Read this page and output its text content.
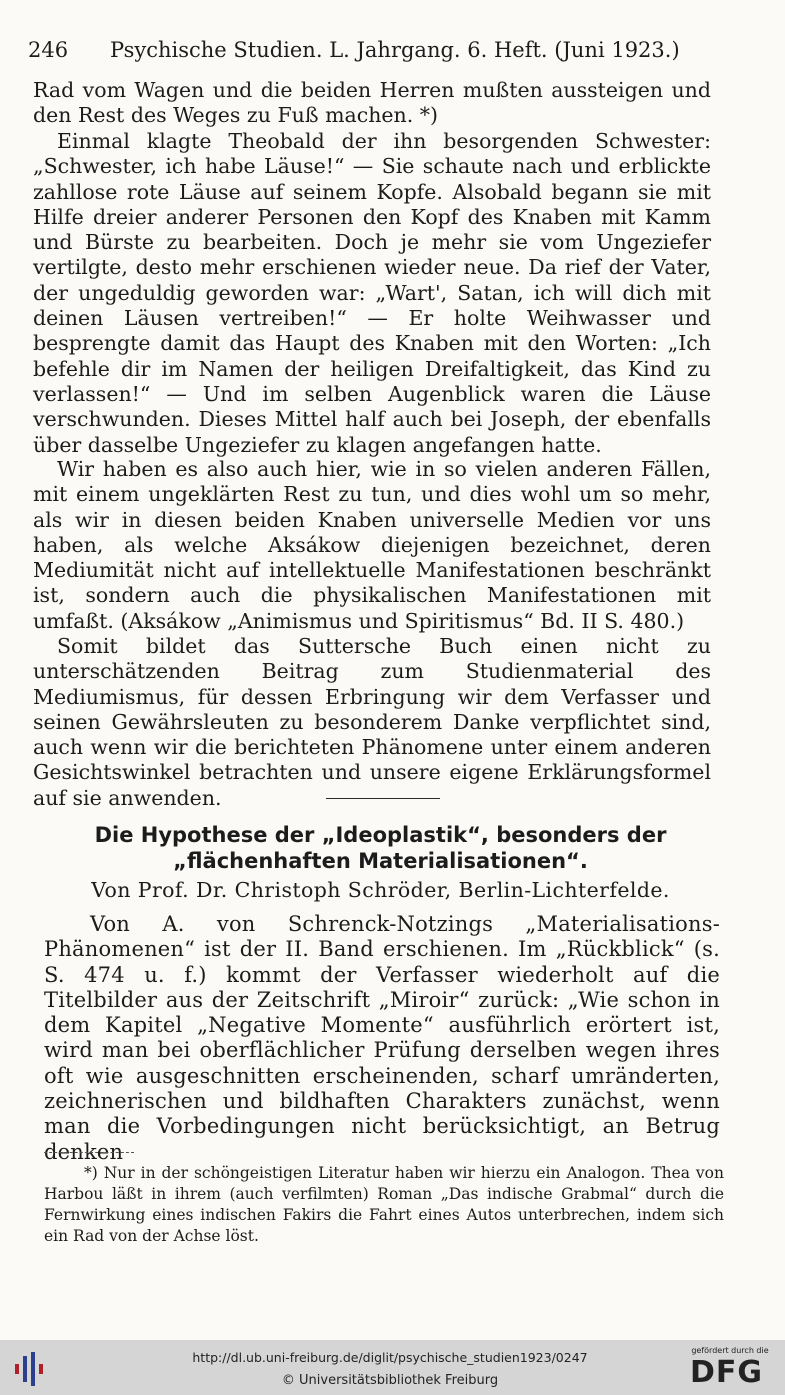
246 Psychische Studien. L. Jahrgang. 6. Heft. (Juni 1923.)
Rad vom Wagen und die beiden Herren mußten aussteigen und den Rest des Weges zu Fuß machen. *)
Einmal klagte Theobald der ihn besorgenden Schwester: „Schwester, ich habe Läuse!“ — Sie schaute nach und erblickte zahllose rote Läuse auf seinem Kopfe. Alsobald begann sie mit Hilfe dreier anderer Personen den Kopf des Knaben mit Kamm und Bürste zu bearbeiten. Doch je mehr sie vom Ungeziefer vertilgte, desto mehr erschienen wieder neue. Da rief der Vater, der ungeduldig geworden war: „Wart', Satan, ich will dich mit deinen Läusen vertreiben!“ — Er holte Weihwasser und besprengte damit das Haupt des Knaben mit den Worten: „Ich befehle dir im Namen der heiligen Dreifaltigkeit, das Kind zu verlassen!“ — Und im selben Augenblick waren die Läuse verschwunden. Dieses Mittel half auch bei Joseph, der ebenfalls über dasselbe Ungeziefer zu klagen angefangen hatte.
Wir haben es also auch hier, wie in so vielen anderen Fällen, mit einem ungeklärten Rest zu tun, und dies wohl um so mehr, als wir in diesen beiden Knaben universelle Medien vor uns haben, als welche Aksákow diejenigen bezeichnet, deren Mediumität nicht auf intellektuelle Manifestationen beschränkt ist, sondern auch die physikalischen Manifestationen mit umfaßt. (Aksákow „Animismus und Spiritismus“ Bd. II S. 480.)
Somit bildet das Suttersche Buch einen nicht zu unterschätzenden Beitrag zum Studienmaterial des Mediumismus, für dessen Erbringung wir dem Verfasser und seinen Gewährsleuten zu besonderem Danke verpflichtet sind, auch wenn wir die berichteten Phänomene unter einem anderen Gesichtswinkel betrachten und unsere eigene Erklärungsformel auf sie anwenden.
Die Hypothese der „Ideoplastik“, besonders der „flächenhaften Materialisationen“.
Von Prof. Dr. Christoph Schröder, Berlin-Lichterfelde.
Von A. von Schrenck-Notzings „Materialisations-Phänomenen“ ist der II. Band erschienen. Im „Rückblick“ (s. S. 474 u. f.) kommt der Verfasser wiederholt auf die Titelbilder aus der Zeitschrift „Miroir“ zurück: „Wie schon in dem Kapitel „Negative Momente“ ausführlich erörtert ist, wird man bei oberflächlicher Prüfung derselben wegen ihres oft wie ausgeschnitten erscheinenden, scharf umränderten, zeichnerischen und bildhaften Charakters zunächst, wenn man die Vorbedingungen nicht berücksichtigt, an Betrug denken
*) Nur in der schöngeistigen Literatur haben wir hierzu ein Analogon. Thea von Harbou läßt in ihrem (auch verfilmten) Roman „Das indische Grabmal“ durch die Fernwirkung eines indischen Fakirs die Fahrt eines Autos unterbrechen, indem sich ein Rad von der Achse löst.
http://dl.ub.uni-freiburg.de/diglit/psychische_studien1923/0247
© Universitätsbibliothek Freiburg
gefördert durch die
DFG
